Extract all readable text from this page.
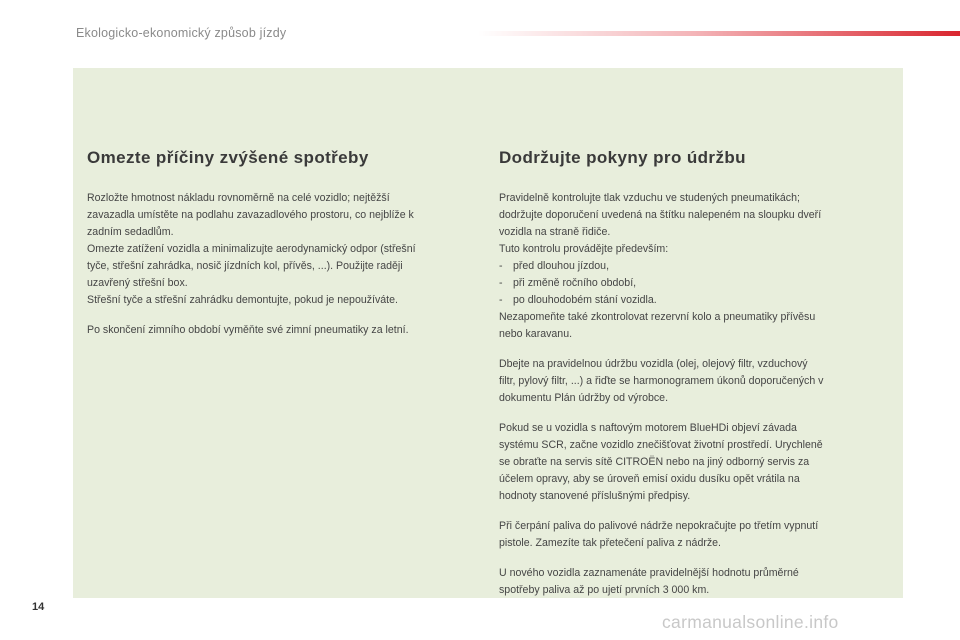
Ekologicko-ekonomický způsob jízdy
Omezte příčiny zvýšené spotřeby

Rozložte hmotnost nákladu rovnoměrně na celé vozidlo; nejtěžší
zavazadla umístěte na podlahu zavazadlového prostoru, co nejblíže k
zadním sedadlům.
Omezte zatížení vozidla a minimalizujte aerodynamický odpor (střešní
tyče, střešní zahrádka, nosič jízdních kol, přívěs, ...). Použijte raději
uzavřený střešní box.
Střešní tyče a střešní zahrádku demontujte, pokud je nepoužíváte.

Po skončení zimního období vyměňte své zimní pneumatiky za letní.

Dodržujte pokyny pro údržbu

Pravidelně kontrolujte tlak vzduchu ve studených pneumatikách;
dodržujte doporučení uvedená na štítku nalepeném na sloupku dveří
vozidla na straně řidiče.
Tuto kontrolu provádějte především:
- před dlouhou jízdou,
- při změně ročního období,
- po dlouhodobém stání vozidla.
Nezapomeňte také zkontrolovat rezervní kolo a pneumatiky přívěsu
nebo karavanu.

Dbejte na pravidelnou údržbu vozidla (olej, olejový filtr, vzduchový
filtr, pylový filtr, ...) a řiďte se harmonogramem úkonů doporučených v
dokumentu Plán údržby od výrobce.

Pokud se u vozidla s naftovým motorem BlueHDi objeví závada
systému SCR, začne vozidlo znečišťovat životní prostředí. Urychleně
se obraťte na servis sítě CITROËN nebo na jiný odborný servis za
účelem opravy, aby se úroveň emisí oxidu dusíku opět vrátila na
hodnoty stanovené příslušnými předpisy.

Při čerpání paliva do palivové nádrže nepokračujte po třetím vypnutí
pistole. Zamezíte tak přetečení paliva z nádrže.

U nového vozidla zaznamenáte pravidelnější hodnotu průměrné
spotřeby paliva až po ujetí prvních 3 000 km.

14
carmanualsonline.info
